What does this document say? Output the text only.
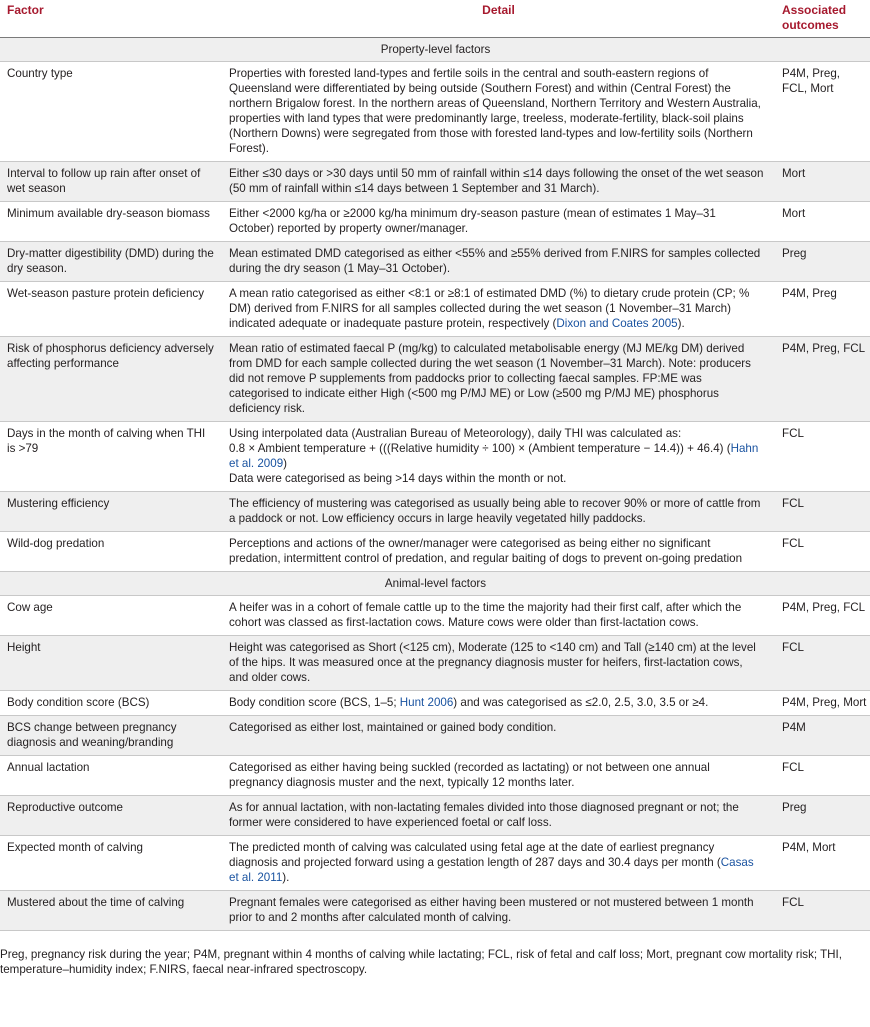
Factor	Detail	Associated outcomes
Property-level factors		
Country type	Properties with forested land-types and fertile soils in the central and south-eastern regions of Queensland were differentiated by being outside (Southern Forest) and within (Central Forest) the northern Brigalow forest. In the northern areas of Queensland, Northern Territory and Western Australia, properties with land types that were predominantly large, treeless, moderate-fertility, black-soil plains (Northern Downs) were segregated from those with forested land-types and low-fertility soils (Northern Forest).	P4M, Preg, FCL, Mort
Interval to follow up rain after onset of wet season	Either ≤30 days or >30 days until 50 mm of rainfall within ≤14 days following the onset of the wet season (50 mm of rainfall within ≤14 days between 1 September and 31 March).	Mort
Minimum available dry-season biomass	Either <2000 kg/ha or ≥2000 kg/ha minimum dry-season pasture (mean of estimates 1 May–31 October) reported by property owner/manager.	Mort
Dry-matter digestibility (DMD) during the dry season.	Mean estimated DMD categorised as either <55% and ≥55% derived from F.NIRS for samples collected during the dry season (1 May–31 October).	Preg
Wet-season pasture protein deficiency	A mean ratio categorised as either <8:1 or ≥8:1 of estimated DMD (%) to dietary crude protein (CP; % DM) derived from F.NIRS for all samples collected during the wet season (1 November–31 March) indicated adequate or inadequate pasture protein, respectively (Dixon and Coates 2005).	P4M, Preg
Risk of phosphorus deficiency adversely affecting performance	Mean ratio of estimated faecal P (mg/kg) to calculated metabolisable energy (MJ ME/kg DM) derived from DMD for each sample collected during the wet season (1 November–31 March). Note: producers did not remove P supplements from paddocks prior to collecting faecal samples. FP:ME was categorised to indicate either High (<500 mg P/MJ ME) or Low (≥500 mg P/MJ ME) phosphorus deficiency risk.	P4M, Preg, FCL
Days in the month of calving when THI is >79	Using interpolated data (Australian Bureau of Meteorology), daily THI was calculated as:
0.8 × Ambient temperature + (((Relative humidity ÷ 100) × (Ambient temperature − 14.4)) + 46.4) (Hahn et al. 2009)
Data were categorised as being >14 days within the month or not.	FCL
Mustering efficiency	The efficiency of mustering was categorised as usually being able to recover 90% or more of cattle from a paddock or not. Low efficiency occurs in large heavily vegetated hilly paddocks.	FCL
Wild-dog predation	Perceptions and actions of the owner/manager were categorised as being either no significant predation, intermittent control of predation, and regular baiting of dogs to prevent on-going predation	FCL
Animal-level factors		
Cow age	A heifer was in a cohort of female cattle up to the time the majority had their first calf, after which the cohort was classed as first-lactation cows. Mature cows were older than first-lactation cows.	P4M, Preg, FCL
Height	Height was categorised as Short (<125 cm), Moderate (125 to <140 cm) and Tall (≥140 cm) at the level of the hips. It was measured once at the pregnancy diagnosis muster for heifers, first-lactation cows, and older cows.	FCL
Body condition score (BCS)	Body condition score (BCS, 1–5; Hunt 2006) and was categorised as ≤2.0, 2.5, 3.0, 3.5 or ≥4.	P4M, Preg, Mort
BCS change between pregnancy diagnosis and weaning/branding	Categorised as either lost, maintained or gained body condition.	P4M
Annual lactation	Categorised as either having being suckled (recorded as lactating) or not between one annual pregnancy diagnosis muster and the next, typically 12 months later.	FCL
Reproductive outcome	As for annual lactation, with non-lactating females divided into those diagnosed pregnant or not; the former were considered to have experienced foetal or calf loss.	Preg
Expected month of calving	The predicted month of calving was calculated using fetal age at the date of earliest pregnancy diagnosis and projected forward using a gestation length of 287 days and 30.4 days per month (Casas et al. 2011).	P4M, Mort
Mustered about the time of calving	Pregnant females were categorised as either having been mustered or not mustered between 1 month prior to and 2 months after calculated month of calving.	FCL
Preg, pregnancy risk during the year; P4M, pregnant within 4 months of calving while lactating; FCL, risk of fetal and calf loss; Mort, pregnant cow mortality risk; THI, temperature–humidity index; F.NIRS, faecal near-infrared spectroscopy.
